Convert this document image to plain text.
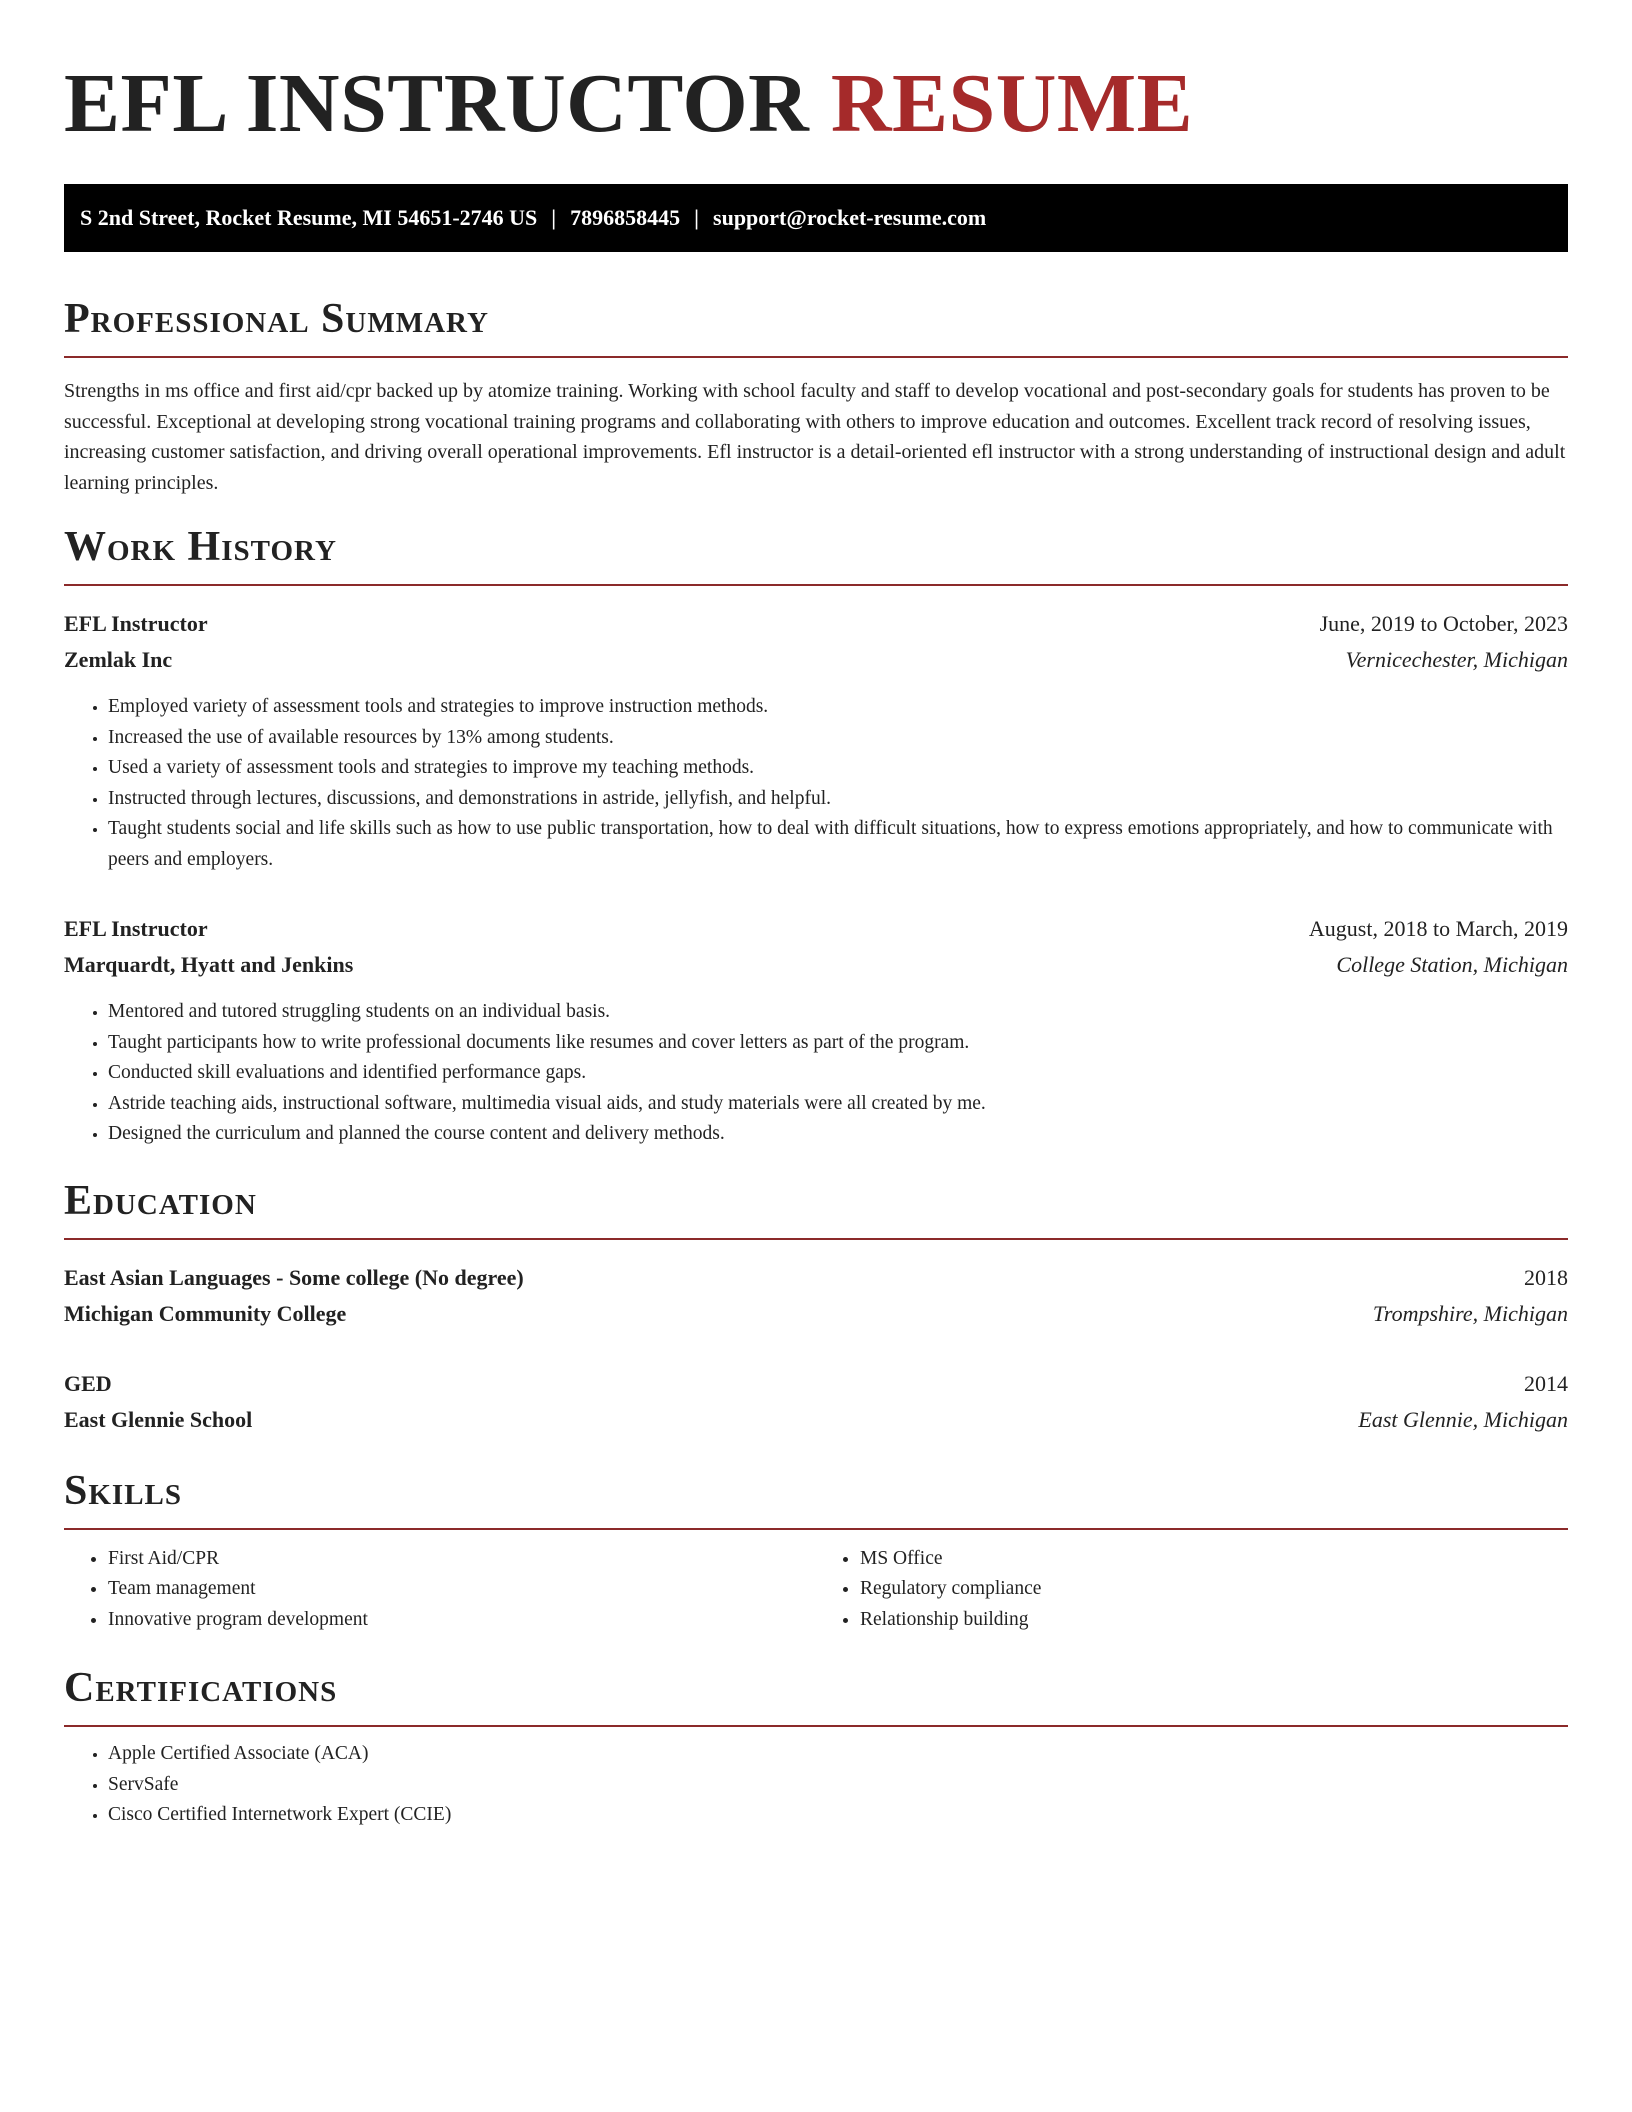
EFL INSTRUCTOR RESUME
S 2nd Street, Rocket Resume, MI 54651-2746 US | 7896858445 | support@rocket-resume.com
Professional Summary

Strengths in ms office and first aid/cpr backed up by atomize training. Working with school faculty and staff to develop vocational and post-secondary goals for students has proven to be successful. Exceptional at developing strong vocational training programs and collaborating with others to improve education and outcomes. Excellent track record of resolving issues, increasing customer satisfaction, and driving overall operational improvements. Efl instructor is a detail-oriented efl instructor with a strong understanding of instructional design and adult learning principles.

Work History
EFL Instructor	June, 2019 to October, 2023
Zemlak Inc	Vernicechester, Michigan
• Employed variety of assessment tools and strategies to improve instruction methods.
• Increased the use of available resources by 13% among students.
• Used a variety of assessment tools and strategies to improve my teaching methods.
• Instructed through lectures, discussions, and demonstrations in astride, jellyfish, and helpful.
• Taught students social and life skills such as how to use public transportation, how to deal with difficult situations, how to express emotions appropriately, and how to communicate with peers and employers.
EFL Instructor	August, 2018 to March, 2019
Marquardt, Hyatt and Jenkins	College Station, Michigan
• Mentored and tutored struggling students on an individual basis.
• Taught participants how to write professional documents like resumes and cover letters as part of the program.
• Conducted skill evaluations and identified performance gaps.
• Astride teaching aids, instructional software, multimedia visual aids, and study materials were all created by me.
• Designed the curriculum and planned the course content and delivery methods.
Education
East Asian Languages - Some college (No degree)	2018
Michigan Community College	Trompshire, Michigan
GED	2014
East Glennie School	East Glennie, Michigan
Skills
• First Aid/CPR
• Team management
• Innovative program development
• MS Office
• Regulatory compliance
• Relationship building
Certifications
• Apple Certified Associate (ACA)
• ServSafe
• Cisco Certified Internetwork Expert (CCIE)
